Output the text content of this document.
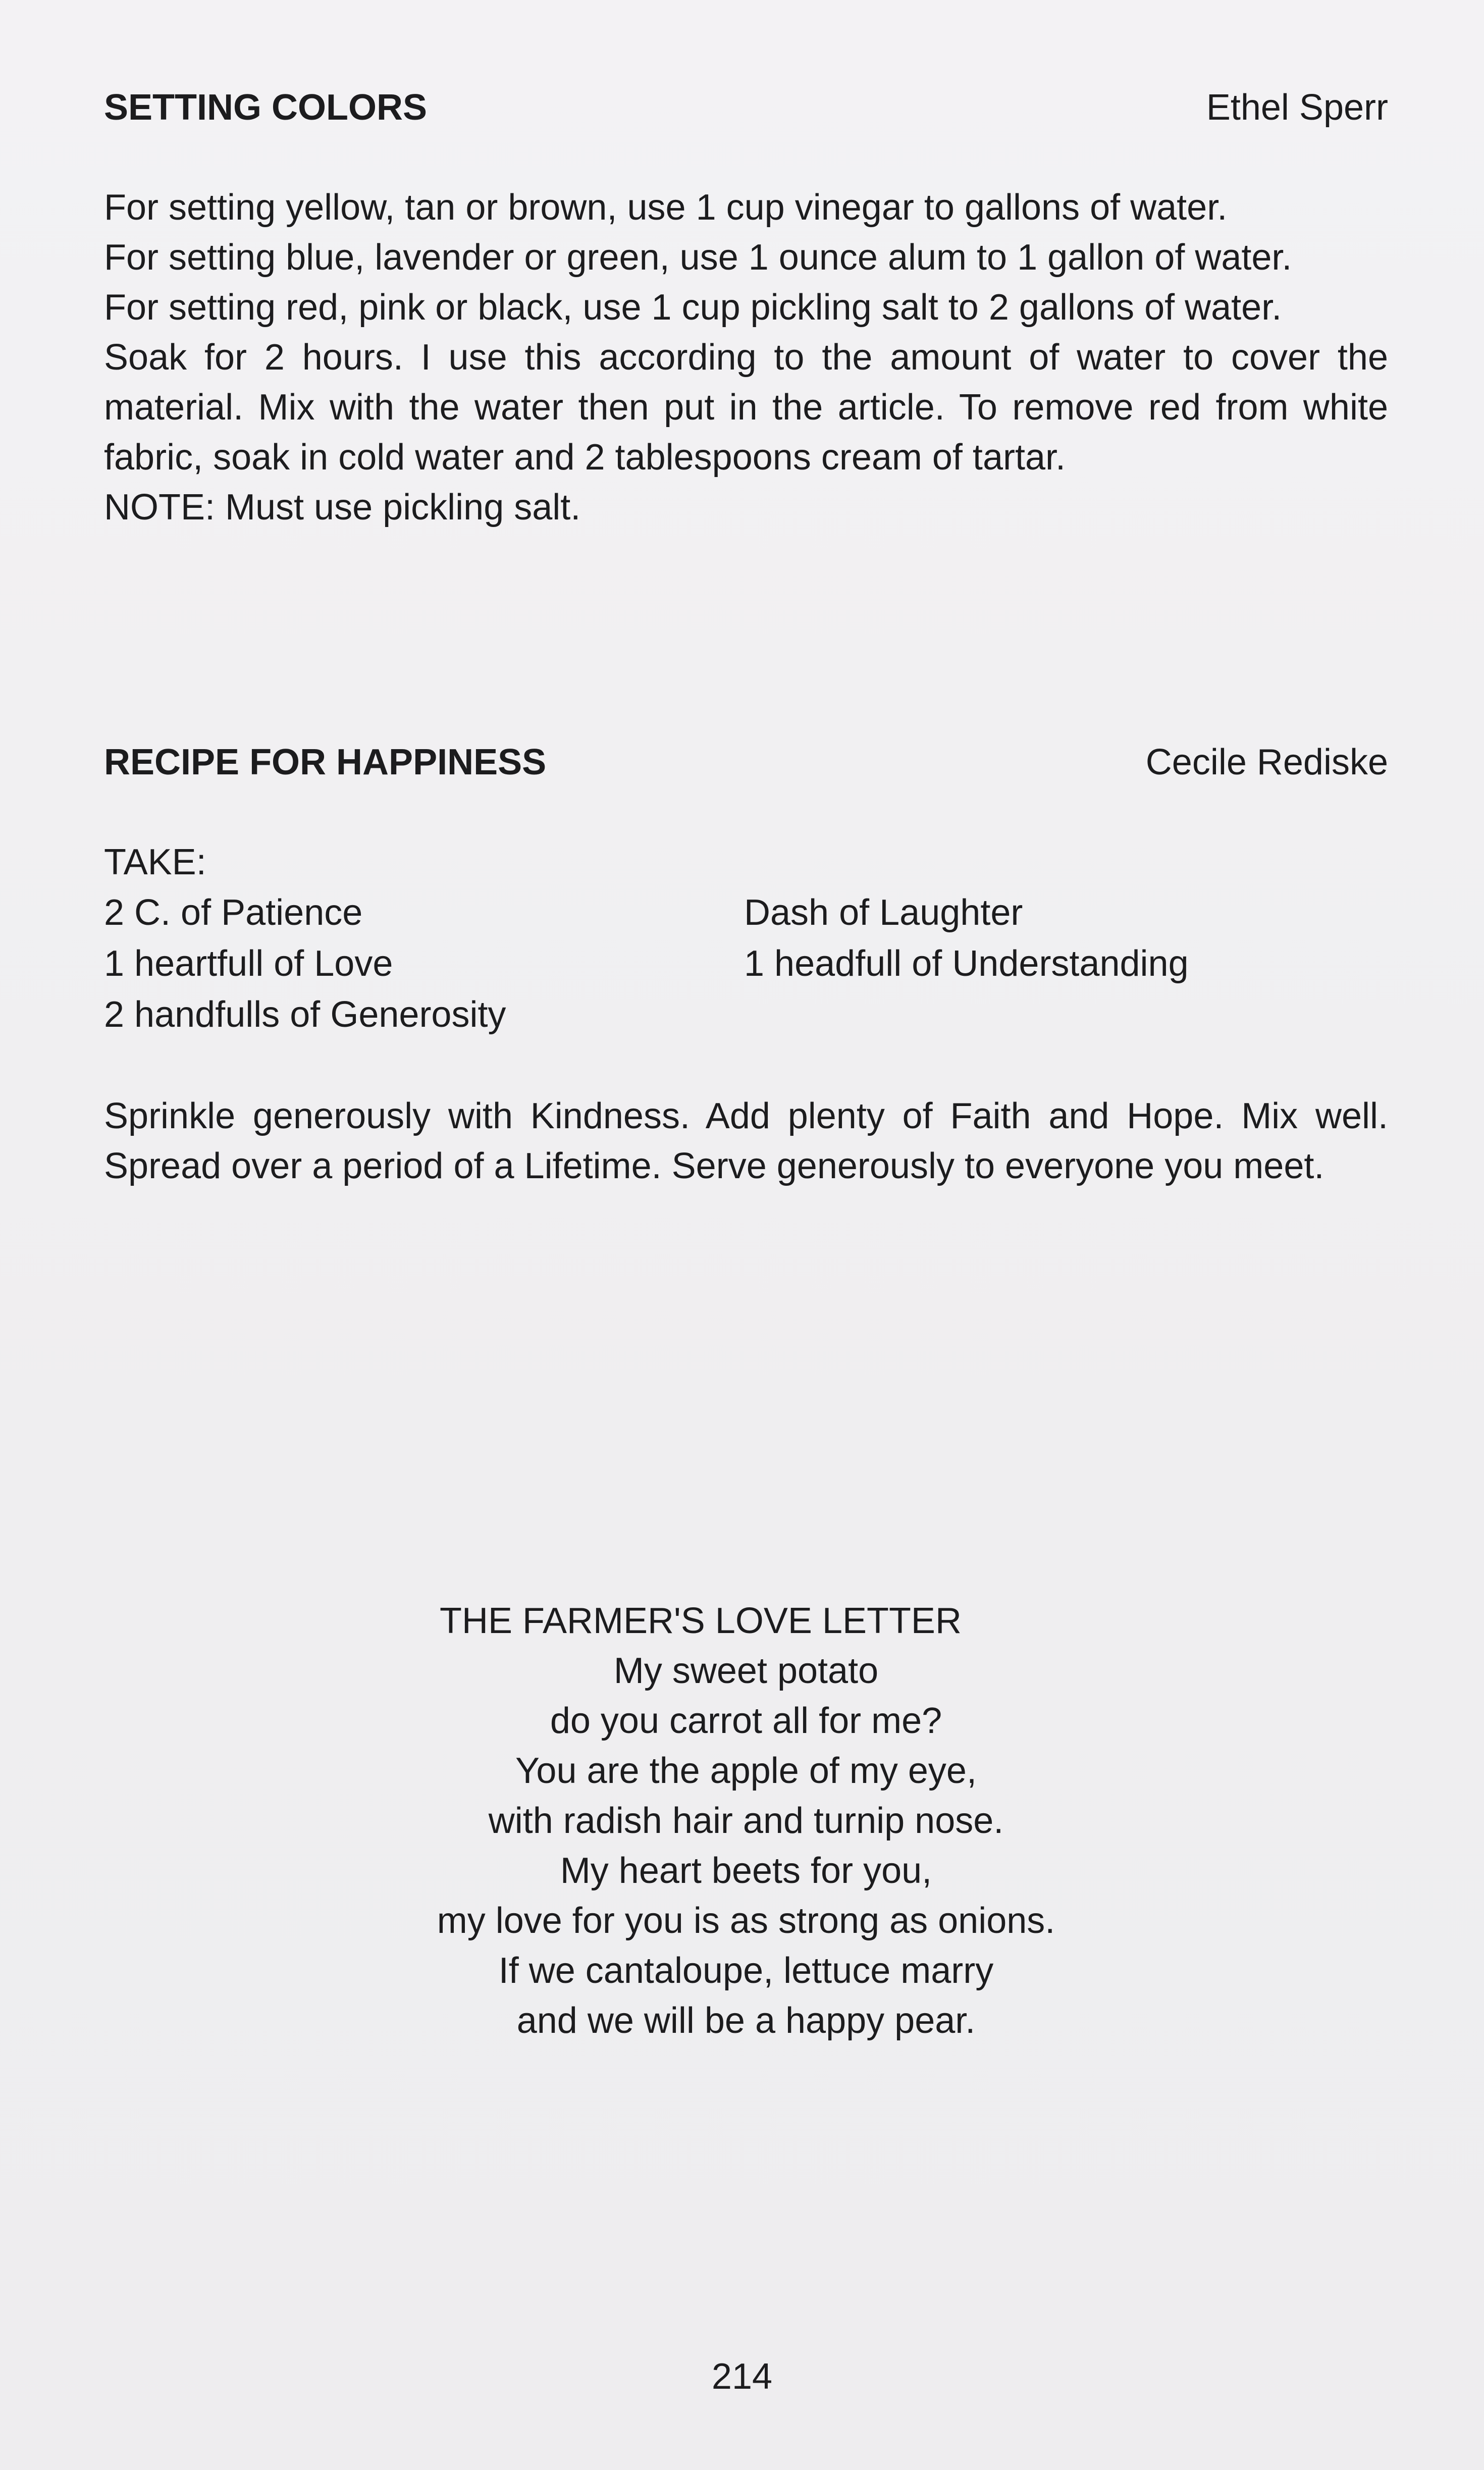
SETTING COLORS	Ethel Sperr

For setting yellow, tan or brown, use 1 cup vinegar to gallons of water.

For setting blue, lavender or green, use 1 ounce alum to 1 gallon of water.

For setting red, pink or black, use 1 cup pickling salt to 2 gallons of water.

Soak for 2 hours. I use this according to the amount of water to cover the material. Mix with the water then put in the article. To remove red from white fabric, soak in cold water and 2 tablespoons cream of tartar.

NOTE: Must use pickling salt.

RECIPE FOR HAPPINESS	Cecile Rediske
TAKE:
2 C. of Patience	Dash of Laughter
1 heartfull of Love	1 headfull of Understanding
2 handfulls of Generosity

Sprinkle generously with Kindness. Add plenty of Faith and Hope. Mix well. Spread over a period of a Lifetime. Serve generously to everyone you meet.

THE FARMER'S LOVE LETTER
My sweet potato
do you carrot all for me?
You are the apple of my eye,
with radish hair and turnip nose.
My heart beets for you,
my love for you is as strong as onions.
If we cantaloupe, lettuce marry
and we will be a happy pear.
214
